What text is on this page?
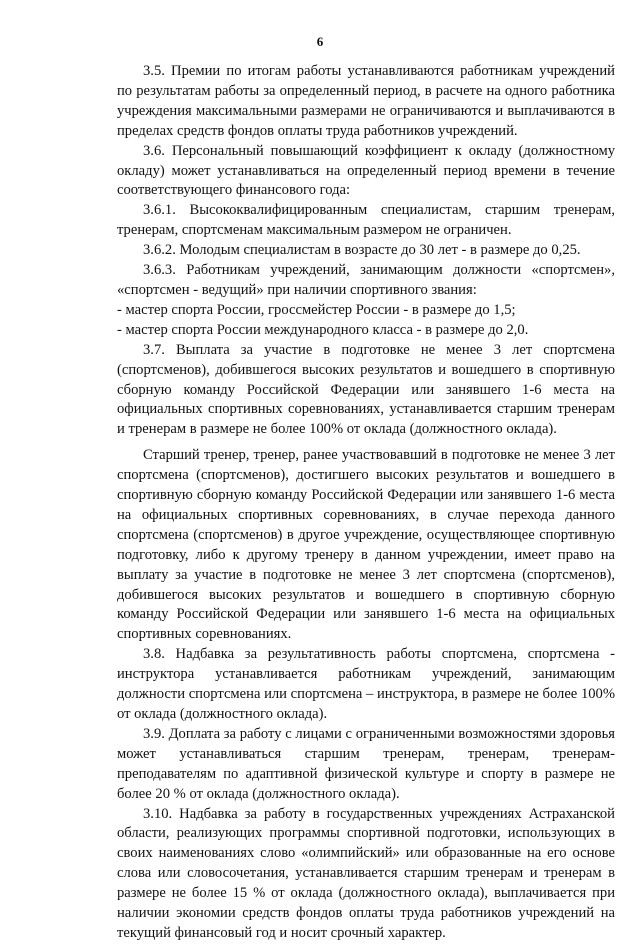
6

3.5. Премии по итогам работы устанавливаются работникам учреждений по результатам работы за определенный период, в расчете на одного работника учреждения максимальными размерами не ограничиваются и выплачиваются в пределах средств фондов оплаты труда работников учреждений.

3.6. Персональный повышающий коэффициент к окладу (должностному окладу) может устанавливаться на определенный период времени в течение соответствующего финансового года:

3.6.1. Высококвалифицированным специалистам, старшим тренерам, тренерам, спортсменам максимальным размером не ограничен.

3.6.2. Молодым специалистам в возрасте до 30 лет - в размере до 0,25.

3.6.3. Работникам учреждений, занимающим должности «спортсмен», «спортсмен - ведущий» при наличии спортивного звания:

- мастер спорта России, гроссмейстер России - в размере до 1,5;

- мастер спорта России международного класса - в размере до 2,0.

3.7. Выплата за участие в подготовке не менее 3 лет спортсмена (спортсменов), добившегося высоких результатов и вошедшего в спортивную сборную команду Российской Федерации или занявшего 1-6 места на официальных спортивных соревнованиях, устанавливается старшим тренерам и тренерам в размере не более 100% от оклада (должностного оклада).

Старший тренер, тренер, ранее участвовавший в подготовке не менее 3 лет спортсмена (спортсменов), достигшего высоких результатов и вошедшего в спортивную сборную команду Российской Федерации или занявшего 1-6 места на официальных спортивных соревнованиях, в случае перехода данного спортсмена (спортсменов) в другое учреждение, осуществляющее спортивную подготовку, либо к другому тренеру в данном учреждении, имеет право на выплату за участие в подготовке не менее 3 лет спортсмена (спортсменов), добившегося высоких результатов и вошедшего в спортивную сборную команду Российской Федерации или занявшего 1-6 места на официальных спортивных соревнованиях.

3.8. Надбавка за результативность работы спортсмена, спортсмена - инструктора устанавливается работникам учреждений, занимающим должности спортсмена или спортсмена – инструктора, в размере не более 100% от оклада (должностного оклада).

3.9. Доплата за работу с лицами с ограниченными возможностями здоровья может устанавливаться старшим тренерам, тренерам, тренерам-преподавателям по адаптивной физической культуре и спорту в размере не более 20 % от оклада (должностного оклада).

3.10. Надбавка за работу в государственных учреждениях Астраханской области, реализующих программы спортивной подготовки, использующих в своих наименованиях слово «олимпийский» или образованные на его основе слова или словосочетания, устанавливается старшим тренерам и тренерам в размере не более 15 % от оклада (должностного оклада), выплачивается при наличии экономии средств фондов оплаты труда работников учреждений на текущий финансовый год и носит срочный характер.
